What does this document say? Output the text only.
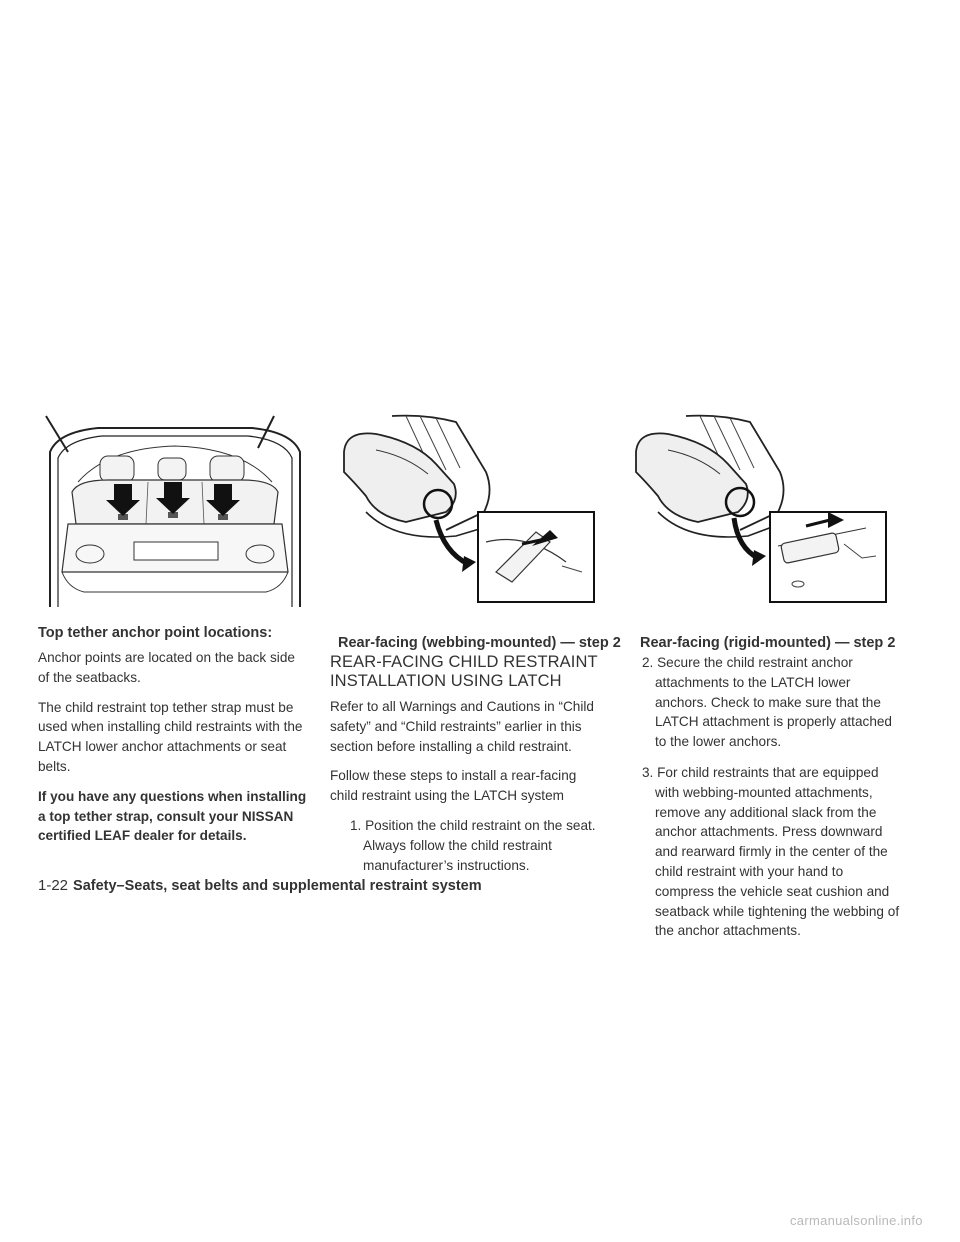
Top tether anchor point locations:

Anchor points are located on the back side of the seatbacks.

The child restraint top tether strap must be used when installing child restraints with the LATCH lower anchor attachments or seat belts.

If you have any questions when installing a top tether strap, consult your NISSAN certified LEAF dealer for details.

Rear-facing (webbing-mounted) — step 2
REAR-FACING CHILD RESTRAINT
INSTALLATION USING LATCH

Refer to all Warnings and Cautions in “Child safety” and “Child restraints” earlier in this section before installing a child restraint.

Follow these steps to install a rear-facing child restraint using the LATCH system

1. Position the child restraint on the seat. Always follow the child restraint manufacturer’s instructions.
Rear-facing (rigid-mounted) — step 2
2. Secure the child restraint anchor attachments to the LATCH lower anchors. Check to make sure that the LATCH attachment is properly attached to the lower anchors.
3. For child restraints that are equipped with webbing-mounted attachments, remove any additional slack from the anchor attachments. Press downward and rearward firmly in the center of the child restraint with your hand to compress the vehicle seat cushion and seatback while tightening the webbing of the anchor attachments.
1-22 Safety–Seats, seat belts and supplemental restraint system
carmanualsonline.info
